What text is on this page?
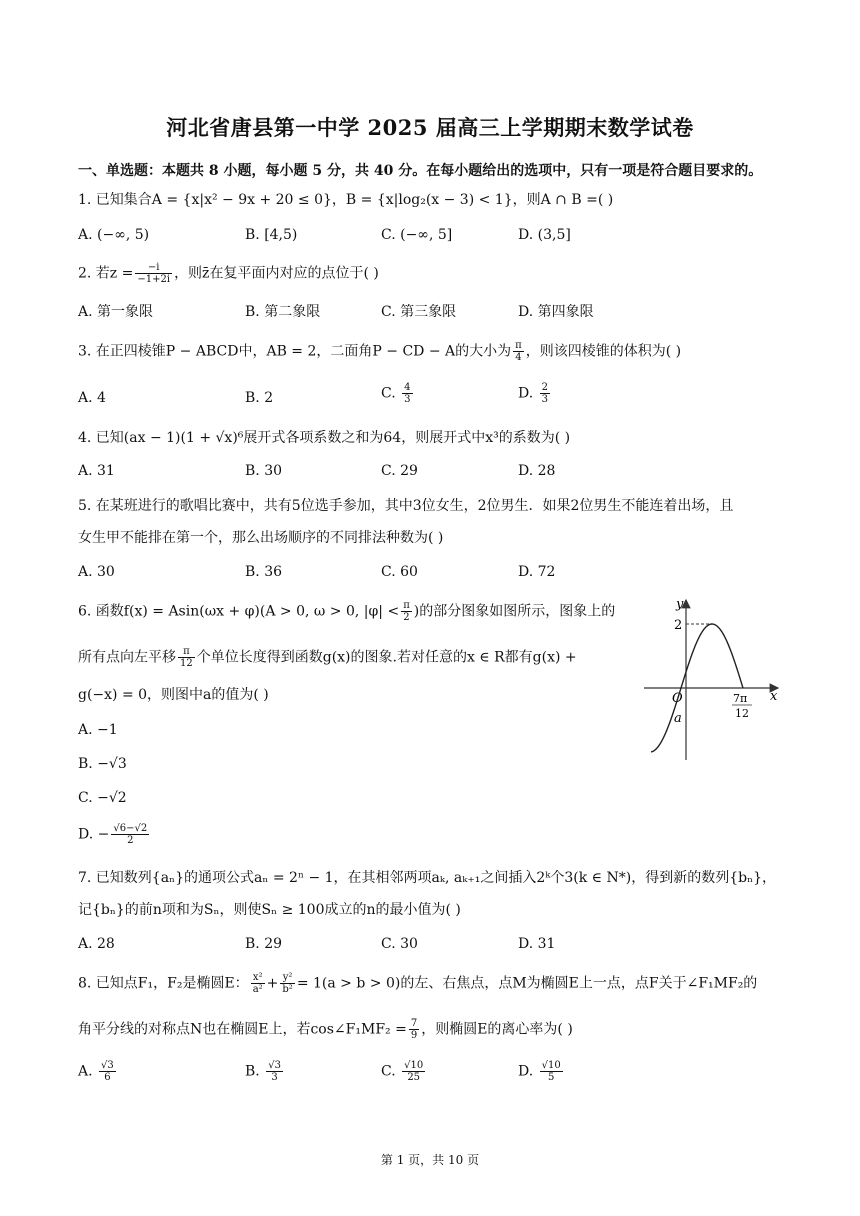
河北省唐县第一中学 2025 届高三上学期期末数学试卷
一、单选题：本题共 8 小题，每小题 5 分，共 40 分。在每小题给出的选项中，只有一项是符合题目要求的。
1. 已知集合A = {x|x² − 9x + 20 ≤ 0}，B = {x|log₂(x − 3) < 1}，则A ∩ B =( )
A. (−∞, 5)	B. [4,5)	C. (−∞, 5]	D. (3,5]
2. 若$z = \frac{-i}{-1+2i}$ ，则z̄在复平面内对应的点位于( )
A. 第一象限	B. 第二象限	C. 第三象限	D. 第四象限
3. 在正四棱锥P − ABCD中，AB = 2，二面角P − CD − A的大小为 $\frac{\pi}{4}$ ，则该四棱锥的体积为( )
A. 4	B. 2	C. $\frac{4}{3}$	D. $\frac{2}{3}$
4. 已知(ax − 1)(1 + √x)⁶展开式各项系数之和为64，则展开式中x³的系数为( )
A. 31	B. 30	C. 29	D. 28
5. 在某班进行的歌唱比赛中，共有5位选手参加，其中3位女生，2位男生．如果2位男生不能连着出场，且
女生甲不能排在第一个，那么出场顺序的不同排法种数为( )
A. 30	B. 36	C. 60	D. 72
6. 函数f(x) = Asin(ωx + φ)(A > 0, ω > 0, $|\varphi| < \frac{\pi}{2}$ )的部分图象如图所示，图象上的
所有点向左平移 $\frac{\pi}{12}$ 个单位长度得到函数g(x)的图象.若对任意的x ∈ R都有g(x) +
g(−x) = 0，则图中a的值为( )
A. −1
B. −√3
C. −√2
D. − $\frac{√6-√2}{2}$
y
x
O
2
a
7π
12
7. 已知数列{aₙ}的通项公式aₙ = 2ⁿ − 1，在其相邻两项aₖ, aₖ₊₁之间插入2ᵏ个3(k ∈ N*)，得到新的数列{bₙ}，
记{bₙ}的前n项和为Sₙ，则使Sₙ ≥ 100成立的n的最小值为( )
A. 28	B. 29	C. 30	D. 31
8. 已知点F₁，F₂是椭圆E： $\frac{\text{x²}}{\text{a²}} + \frac{\text{y²}}{\text{b²}} = 1(a > b > 0)$的左、右焦点，点M为椭圆E上一点，点F关于∠F₁MF₂的
角平分线的对称点N也在椭圆E上，若cos∠F₁MF₂ = $\frac{7}{9}$ ，则椭圆E的离心率为( )
A. $\frac{√3}{6}$	B. $\frac{√3}{3}$	C. $\frac{√10}{25}$	D. $\frac{√10}{5}$
第 1 页，共 10 页
